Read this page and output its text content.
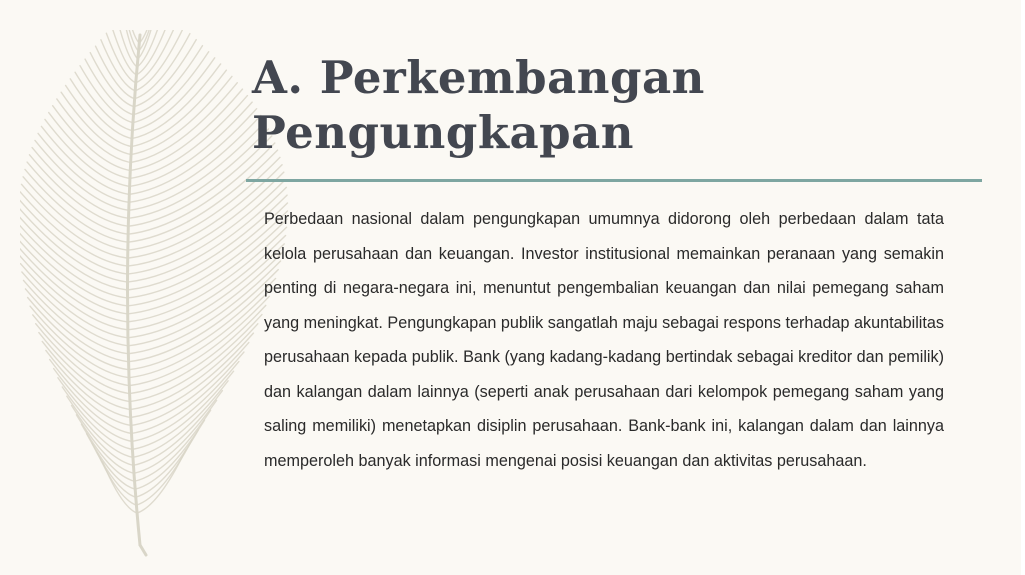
A. Perkembangan
Pengungkapan

Perbedaan nasional dalam pengungkapan umumnya didorong oleh perbedaan dalam tata kelola perusahaan dan keuangan. Investor institusional memainkan peranaan yang semakin penting di negara-negara ini, menuntut pengembalian keuangan dan nilai pemegang saham yang meningkat. Pengungkapan publik sangatlah maju sebagai respons terhadap akuntabilitas perusahaan kepada publik. Bank (yang kadang-kadang bertindak sebagai kreditor dan pemilik) dan kalangan dalam lainnya (seperti anak perusahaan dari kelompok pemegang saham yang saling memiliki) menetapkan disiplin perusahaan. Bank-bank ini, kalangan dalam dan lainnya memperoleh banyak informasi mengenai posisi keuangan dan aktivitas perusahaan.
